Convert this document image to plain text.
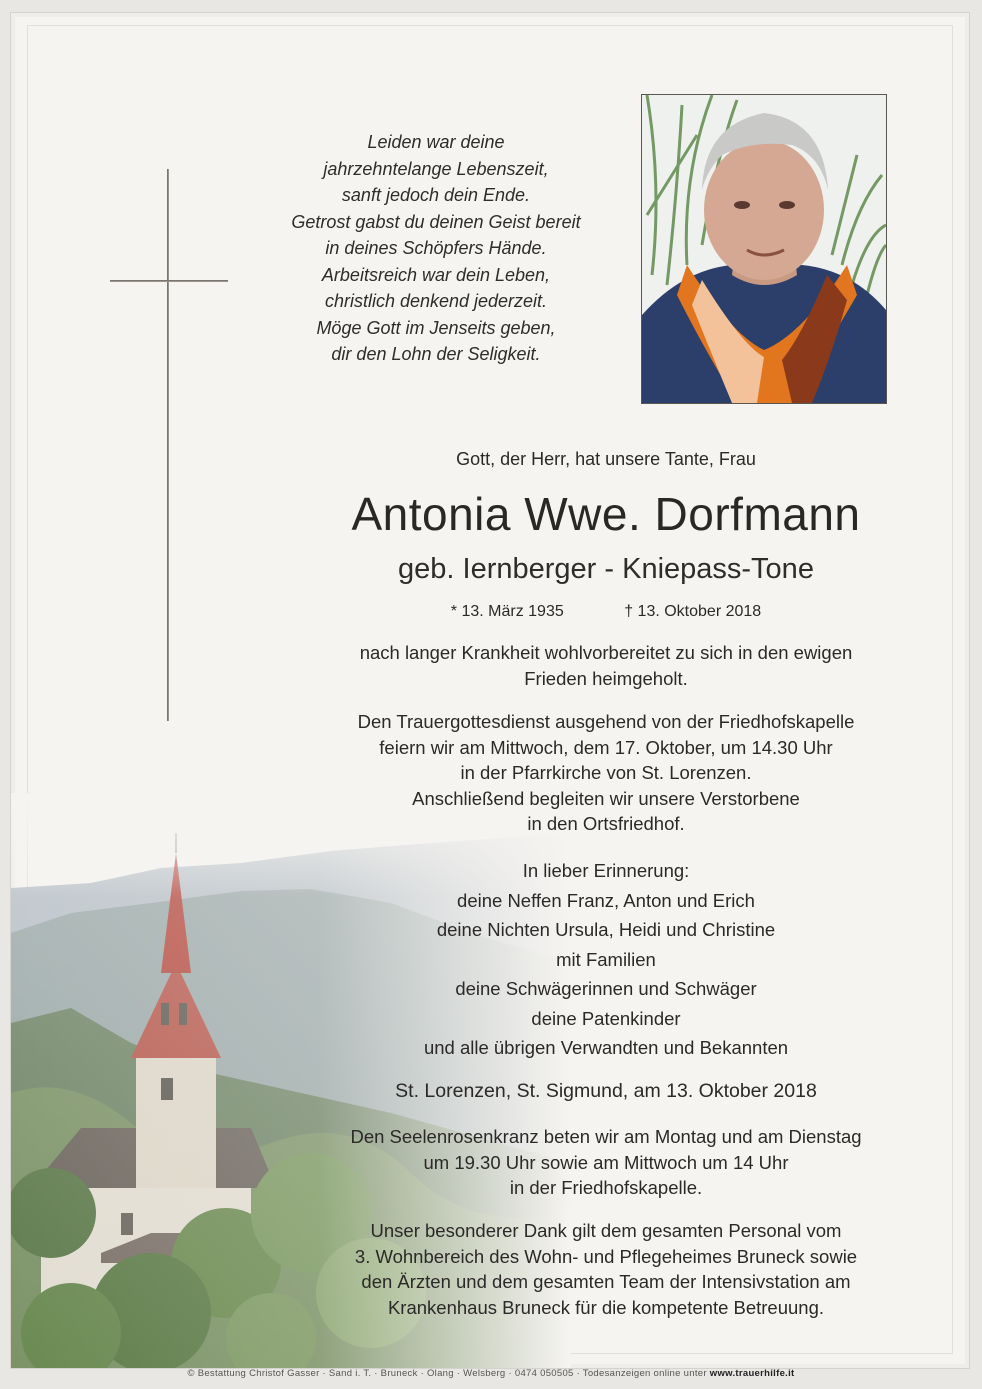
Leiden war deine
jahrzehntelange Lebenszeit,
sanft jedoch dein Ende.
Getrost gabst du deinen Geist bereit
in deines Schöpfers Hände.
Arbeitsreich war dein Leben,
christlich denkend jederzeit.
Möge Gott im Jenseits geben,
dir den Lohn der Seligkeit.
Gott, der Herr, hat unsere Tante, Frau
Antonia Wwe. Dorfmann
geb. Iernberger - Kniepass-Tone
* 13. März 1935	† 13. Oktober 2018
nach langer Krankheit wohlvorbereitet zu sich in den ewigen
Frieden heimgeholt.
Den Trauergottesdienst ausgehend von der Friedhofskapelle
feiern wir am Mittwoch, dem 17. Oktober, um 14.30 Uhr
in der Pfarrkirche von St. Lorenzen.
Anschließend begleiten wir unsere Verstorbene
in den Ortsfriedhof.
In lieber Erinnerung:
deine Neffen Franz, Anton und Erich
deine Nichten Ursula, Heidi und Christine
mit Familien
deine Schwägerinnen und Schwäger
deine Patenkinder
und alle übrigen Verwandten und Bekannten
St. Lorenzen, St. Sigmund, am 13. Oktober 2018
Den Seelenrosenkranz beten wir am Montag und am Dienstag
um 19.30 Uhr sowie am Mittwoch um 14 Uhr
in der Friedhofskapelle.
Unser besonderer Dank gilt dem gesamten Personal vom
3. Wohnbereich des Wohn- und Pflegeheimes Bruneck sowie
den Ärzten und dem gesamten Team der Intensivstation am
Krankenhaus Bruneck für die kompetente Betreuung.
© Bestattung Christof Gasser · Sand i. T. · Bruneck · Olang · Welsberg · 0474 050505 · Todesanzeigen online unter www.trauerhilfe.it
